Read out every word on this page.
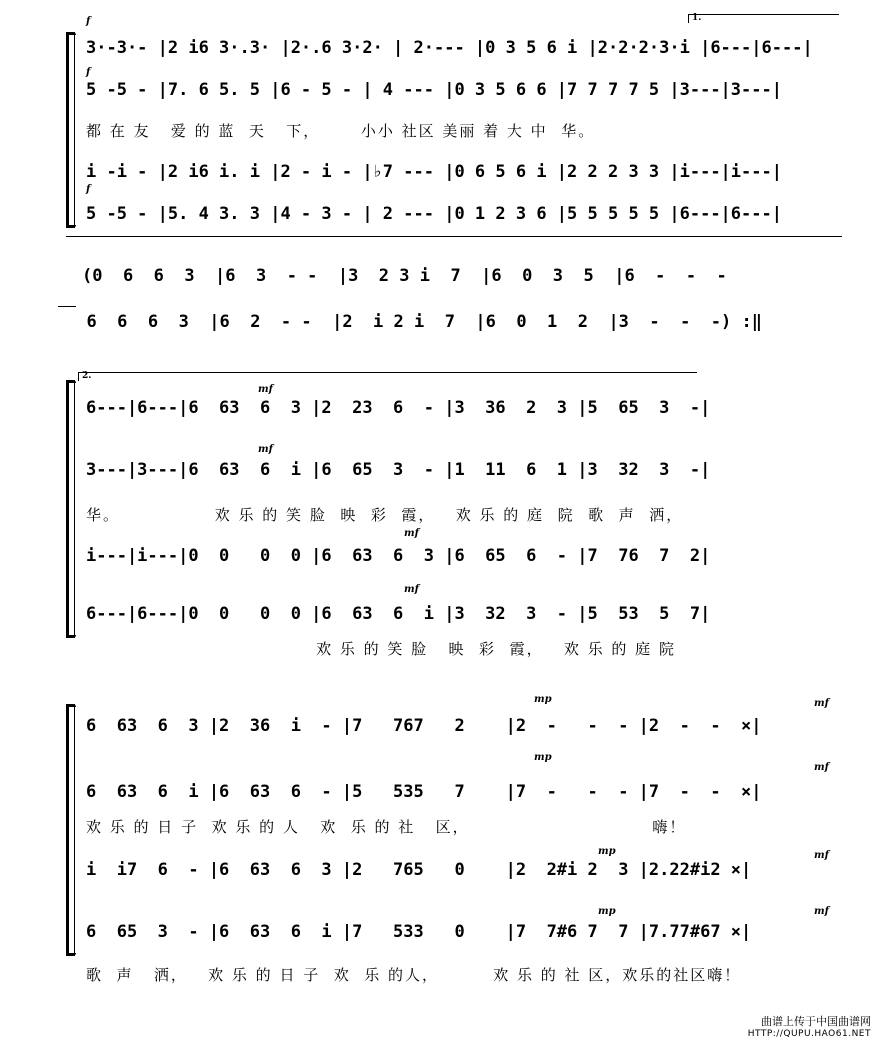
1.
f
f
f
3·-3·- |2 i6 3·.3· |2·.6 3·2· | 2·--- |0 3 5 6 i |2·2·2·3·i |6---|6---|
5 -5 - |7. 6 5. 5 |6 - 5 - | 4 --- |0 3 5 6 6 |7 7 7 7 5 |3---|3---|
都 在 友   爱 的 蓝  天   下，      小小 社区 美丽 着 大 中  华。
i -i - |2 i6 i. i |2 - i - |♭7 --- |0 6 5 6 i |2 2 2 3 3 |i---|i---|
5 -5 - |5. 4 3. 3 |4 - 3 - | 2 --- |0 1 2 3 6 |5 5 5 5 5 |6---|6---|
(0  6  6  3  |6  3  - -  |3  2 3 i  7  |6  0  3  5  |6  -  -  -
6  6  6  3  |6  2  - -  |2  i 2 i  7  |6  0  1  2  |3  -  -  -) :‖
2.
mf
mf
mf
mf
6---|6---|6  63  6  3 |2  23  6  - |3  36  2  3 |5  65  3  -|
3---|3---|6  63  6  i |6  65  3  - |1  11  6  1 |3  32  3  -|
华。              欢 乐 的 笑 脸  映  彩  霞，   欢 乐 的 庭  院  歌  声  洒，
i---|i---|0  0   0  0 |6  63  6  3 |6  65  6  - |7  76  7  2|
6---|6---|0  0   0  0 |6  63  6  i |3  32  3  - |5  53  5  7|
欢 乐 的 笑 脸   映  彩  霞，   欢 乐 的 庭 院
mp	mf
mp
mf
mp	mf
mp	mf
6  63  6  3 |2  36  i  - |7   767   2    |2  -   -  - |2  -  -  ×|
6  63  6  i |6  63  6  - |5   535   7    |7  -   -  - |7  -  -  ×|
欢 乐 的 日 子  欢 乐 的 人   欢  乐 的 社   区，                           嗨！
i  i7  6  - |6  63  6  3 |2   765   0    |2  2#i 2  3 |2.22#i2 ×|
6  65  3  - |6  63  6  i |7   533   0    |7  7#6 7  7 |7.77#67 ×|
歌  声   洒，   欢 乐 的 日 子  欢  乐 的人，        欢 乐 的 社 区，欢乐的社区嗨！
曲谱上传于中国曲谱网
HTTP://QUPU.HAO61.NET
